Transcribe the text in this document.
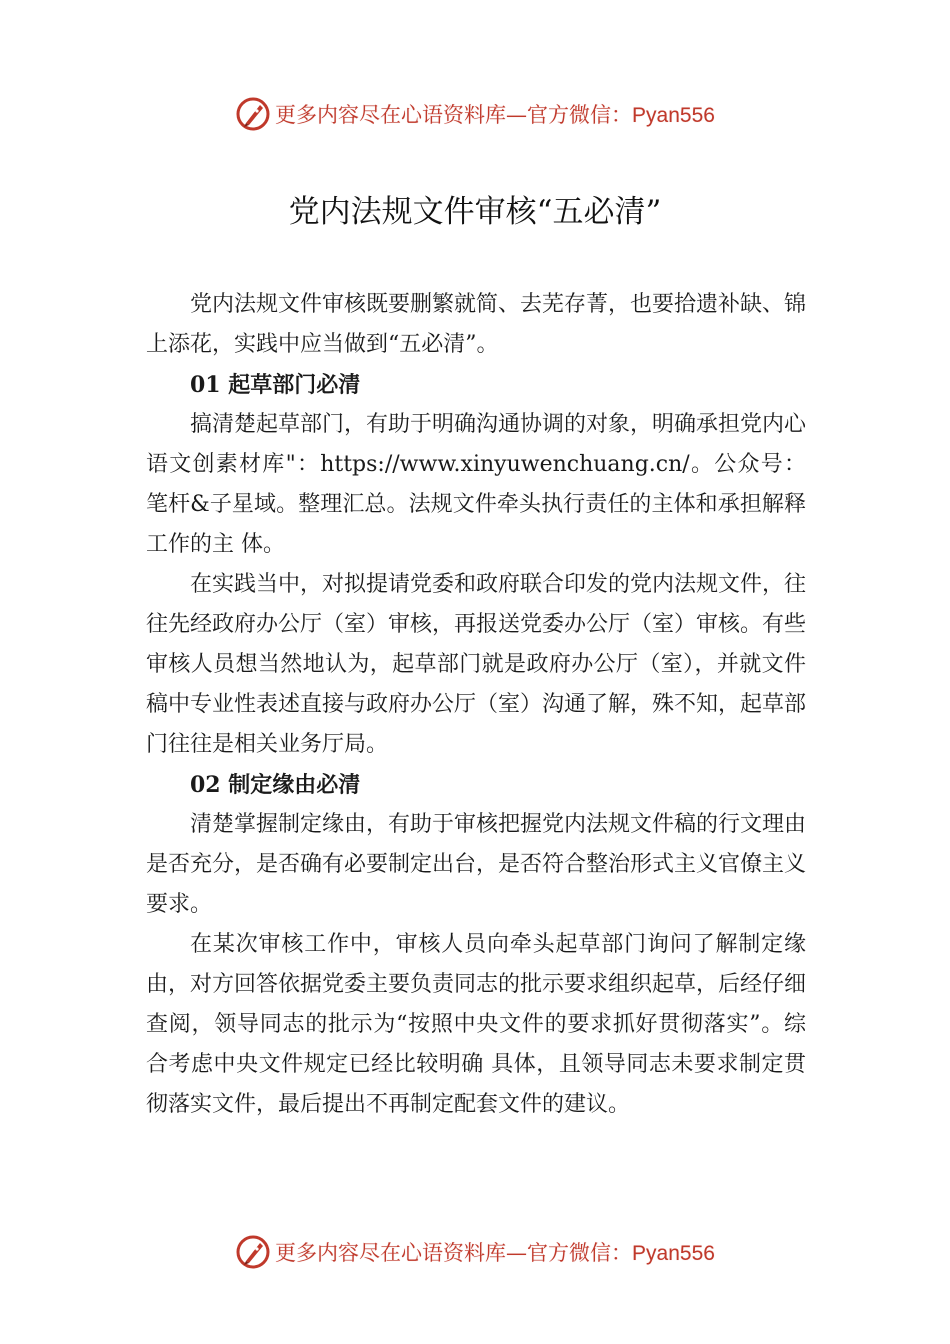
更多内容尽在心语资料库—官方微信：Pyan556
党内法规文件审核“五必清”

党内法规文件审核既要删繁就简、去芜存菁，也要拾遗补缺、锦上添花，实践中应当做到“五必清”。

01 起草部门必清

搞清楚起草部门，有助于明确沟通协调的对象，明确承担党内心语文创素材库"：https://www.xinyuwenchuang.cn/。公众号：笔杆&子星域。整理汇总。法规文件牵头执行责任的主体和承担解释工作的主 体。

在实践当中，对拟提请党委和政府联合印发的党内法规文件，往往先经政府办公厅（室）审核，再报送党委办公厅（室）审核。有些审核人员想当然地认为，起草部门就是政府办公厅（室），并就文件稿中专业性表述直接与政府办公厅（室）沟通了解，殊不知，起草部门往往是相关业务厅局。

02 制定缘由必清

清楚掌握制定缘由，有助于审核把握党内法规文件稿的行文理由是否充分，是否确有必要制定出台，是否符合整治形式主义官僚主义要求。

在某次审核工作中，审核人员向牵头起草部门询问了解制定缘由，对方回答依据党委主要负责同志的批示要求组织起草，后经仔细查阅，领导同志的批示为“按照中央文件的要求抓好贯彻落实”。综合考虑中央文件规定已经比较明确 具体，且领导同志未要求制定贯彻落实文件，最后提出不再制定配套文件的建议。

更多内容尽在心语资料库—官方微信：Pyan556
